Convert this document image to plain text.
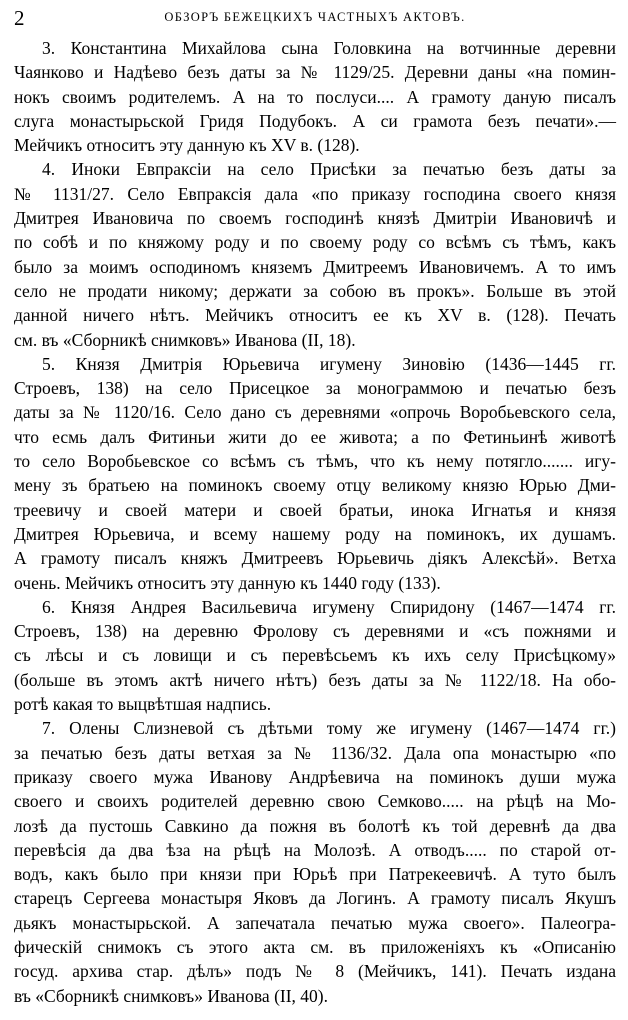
2	ОБЗОРЪ БЕЖЕЦКИХЪ ЧАСТНЫХЪ АКТОВЪ.
3. Константина Михайлова сына Головкина на вотчинные деревни
Чаянково и Надѣево безъ даты за № 1129/25. Деревни даны «на помин-
нокъ своимъ родителемъ. А на то послуси.... А грамоту даную писалъ
слуга монастырьской Гридя Подубокъ. А си грамота безъ печати».—
Мейчикъ относитъ эту данную къ XV в. (128).
4. Иноки Евпраксіи на село Присѣки за печатью безъ даты за
№ 1131/27. Село Евпраксія дала «по приказу господина своего князя
Дмитрея Ивановича по своемъ господинѣ князѣ Дмитріи Ивановичѣ и
по собѣ и по княжому роду и по своему роду со всѣмъ съ тѣмъ, какъ
было за моимъ осподиномъ княземъ Дмитреемъ Ивановичемъ. А то имъ
село не продати никому; держати за собою въ прокъ». Больше въ этой
данной ничего нѣтъ. Мейчикъ относитъ ее къ XV в. (128). Печать
см. въ «Сборникѣ снимковъ» Иванова (II, 18).
5. Князя Дмитрія Юрьевича игумену Зиновію (1436—1445 гг.
Строевъ, 138) на село Присецкое за монограммою и печатью безъ
даты за № 1120/16. Село дано съ деревнями «опрочь Воробьевского села,
что есмь далъ Фитиньи жити до ее живота; а по Фетиньинѣ животѣ
то село Воробьевское со всѣмъ съ тѣмъ, что къ нему потягло....... игу-
мену зъ братьею на поминокъ своему отцу великому князю Юрью Дми-
треевичу и своей матери и своей братьи, инока Игнатья и князя
Дмитрея Юрьевича, и всему нашему роду на поминокъ, их душамъ.
А грамоту писалъ княжъ Дмитреевъ Юрьевичь діякъ Алексѣй». Ветха
очень. Мейчикъ относитъ эту данную къ 1440 году (133).
6. Князя Андрея Васильевича игумену Спиридону (1467—1474 гг.
Строевъ, 138) на деревню Фролову съ деревнями и «съ пожнями и
съ лѣсы и съ ловищи и съ перевѣсьемъ къ ихъ селу Присѣцкому»
(больше въ этомъ актѣ ничего нѣтъ) безъ даты за № 1122/18. На обо-
ротѣ какая то выцвѣтшая надпись.
7. Олены Слизневой съ дѣтьми тому же игумену (1467—1474 гг.)
за печатью безъ даты ветхая за № 1136/32. Дала опа монастырю «по
приказу своего мужа Иванову Андрѣевича на поминокъ души мужа
своего и своихъ родителей деревню свою Семково..... на рѣцѣ на Мо-
лозѣ да пустошь Савкино да пожня въ болотѣ къ той деревнѣ да два
перевѣсія да два ѣза на рѣцѣ на Молозѣ. А отводъ..... по старой от-
водъ, какъ было при князи при Юрьѣ при Патрекеевичѣ. А туто былъ
старецъ Сергеева монастыря Яковъ да Логинъ. А грамоту писалъ Якушъ
дьякъ монастырьской. А запечатала печатью мужа своего». Палеогра-
фическій снимокъ съ этого акта см. въ приложеніяхъ къ «Описанію
госуд. архива стар. дѣлъ» подъ № 8 (Мейчикъ, 141). Печать издана
въ «Сборникѣ снимковъ» Иванова (II, 40).
